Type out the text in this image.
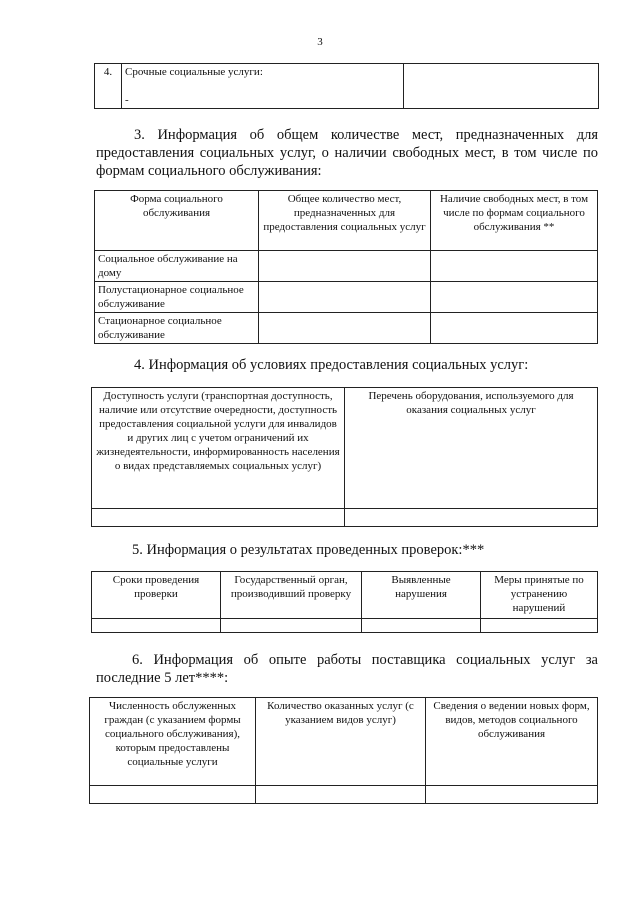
3
4.	Срочные социальные услуги:
-

3. Информация об общем количестве мест, предназначенных для предоставления социальных услуг, о наличии свободных мест, в том числе по формам социального обслуживания:
Форма социального обслуживания	Общее количество мест, предназначенных для предоставления социальных услуг	Наличие свободных мест, в том числе по формам социального обслуживания **
Социальное обслуживание на дому		
Полустационарное социальное обслуживание		
Стационарное социальное обслуживание		
4. Информация об условиях предоставления социальных услуг:
Доступность услуги (транспортная доступность, наличие или отсутствие очередности, доступность предоставления социальной услуги для инвалидов и других лиц с учетом ограничений их жизнедеятельности, информированность населения о видах представляемых социальных услуг)	Перечень оборудования, используемого для оказания социальных услуг

5. Информация о результатах проведенных проверок:***
Сроки проведения проверки	Государственный орган, производивший проверку	Выявленные нарушения	Меры принятые по устранению нарушений

6. Информация об опыте работы поставщика социальных услуг за последние 5 лет****:
Численность обслуженных граждан (с указанием формы социального обслуживания), которым предоставлены социальные услуги	Количество оказанных услуг (с указанием видов услуг)	Сведения о ведении новых форм, видов, методов социального обслуживания
